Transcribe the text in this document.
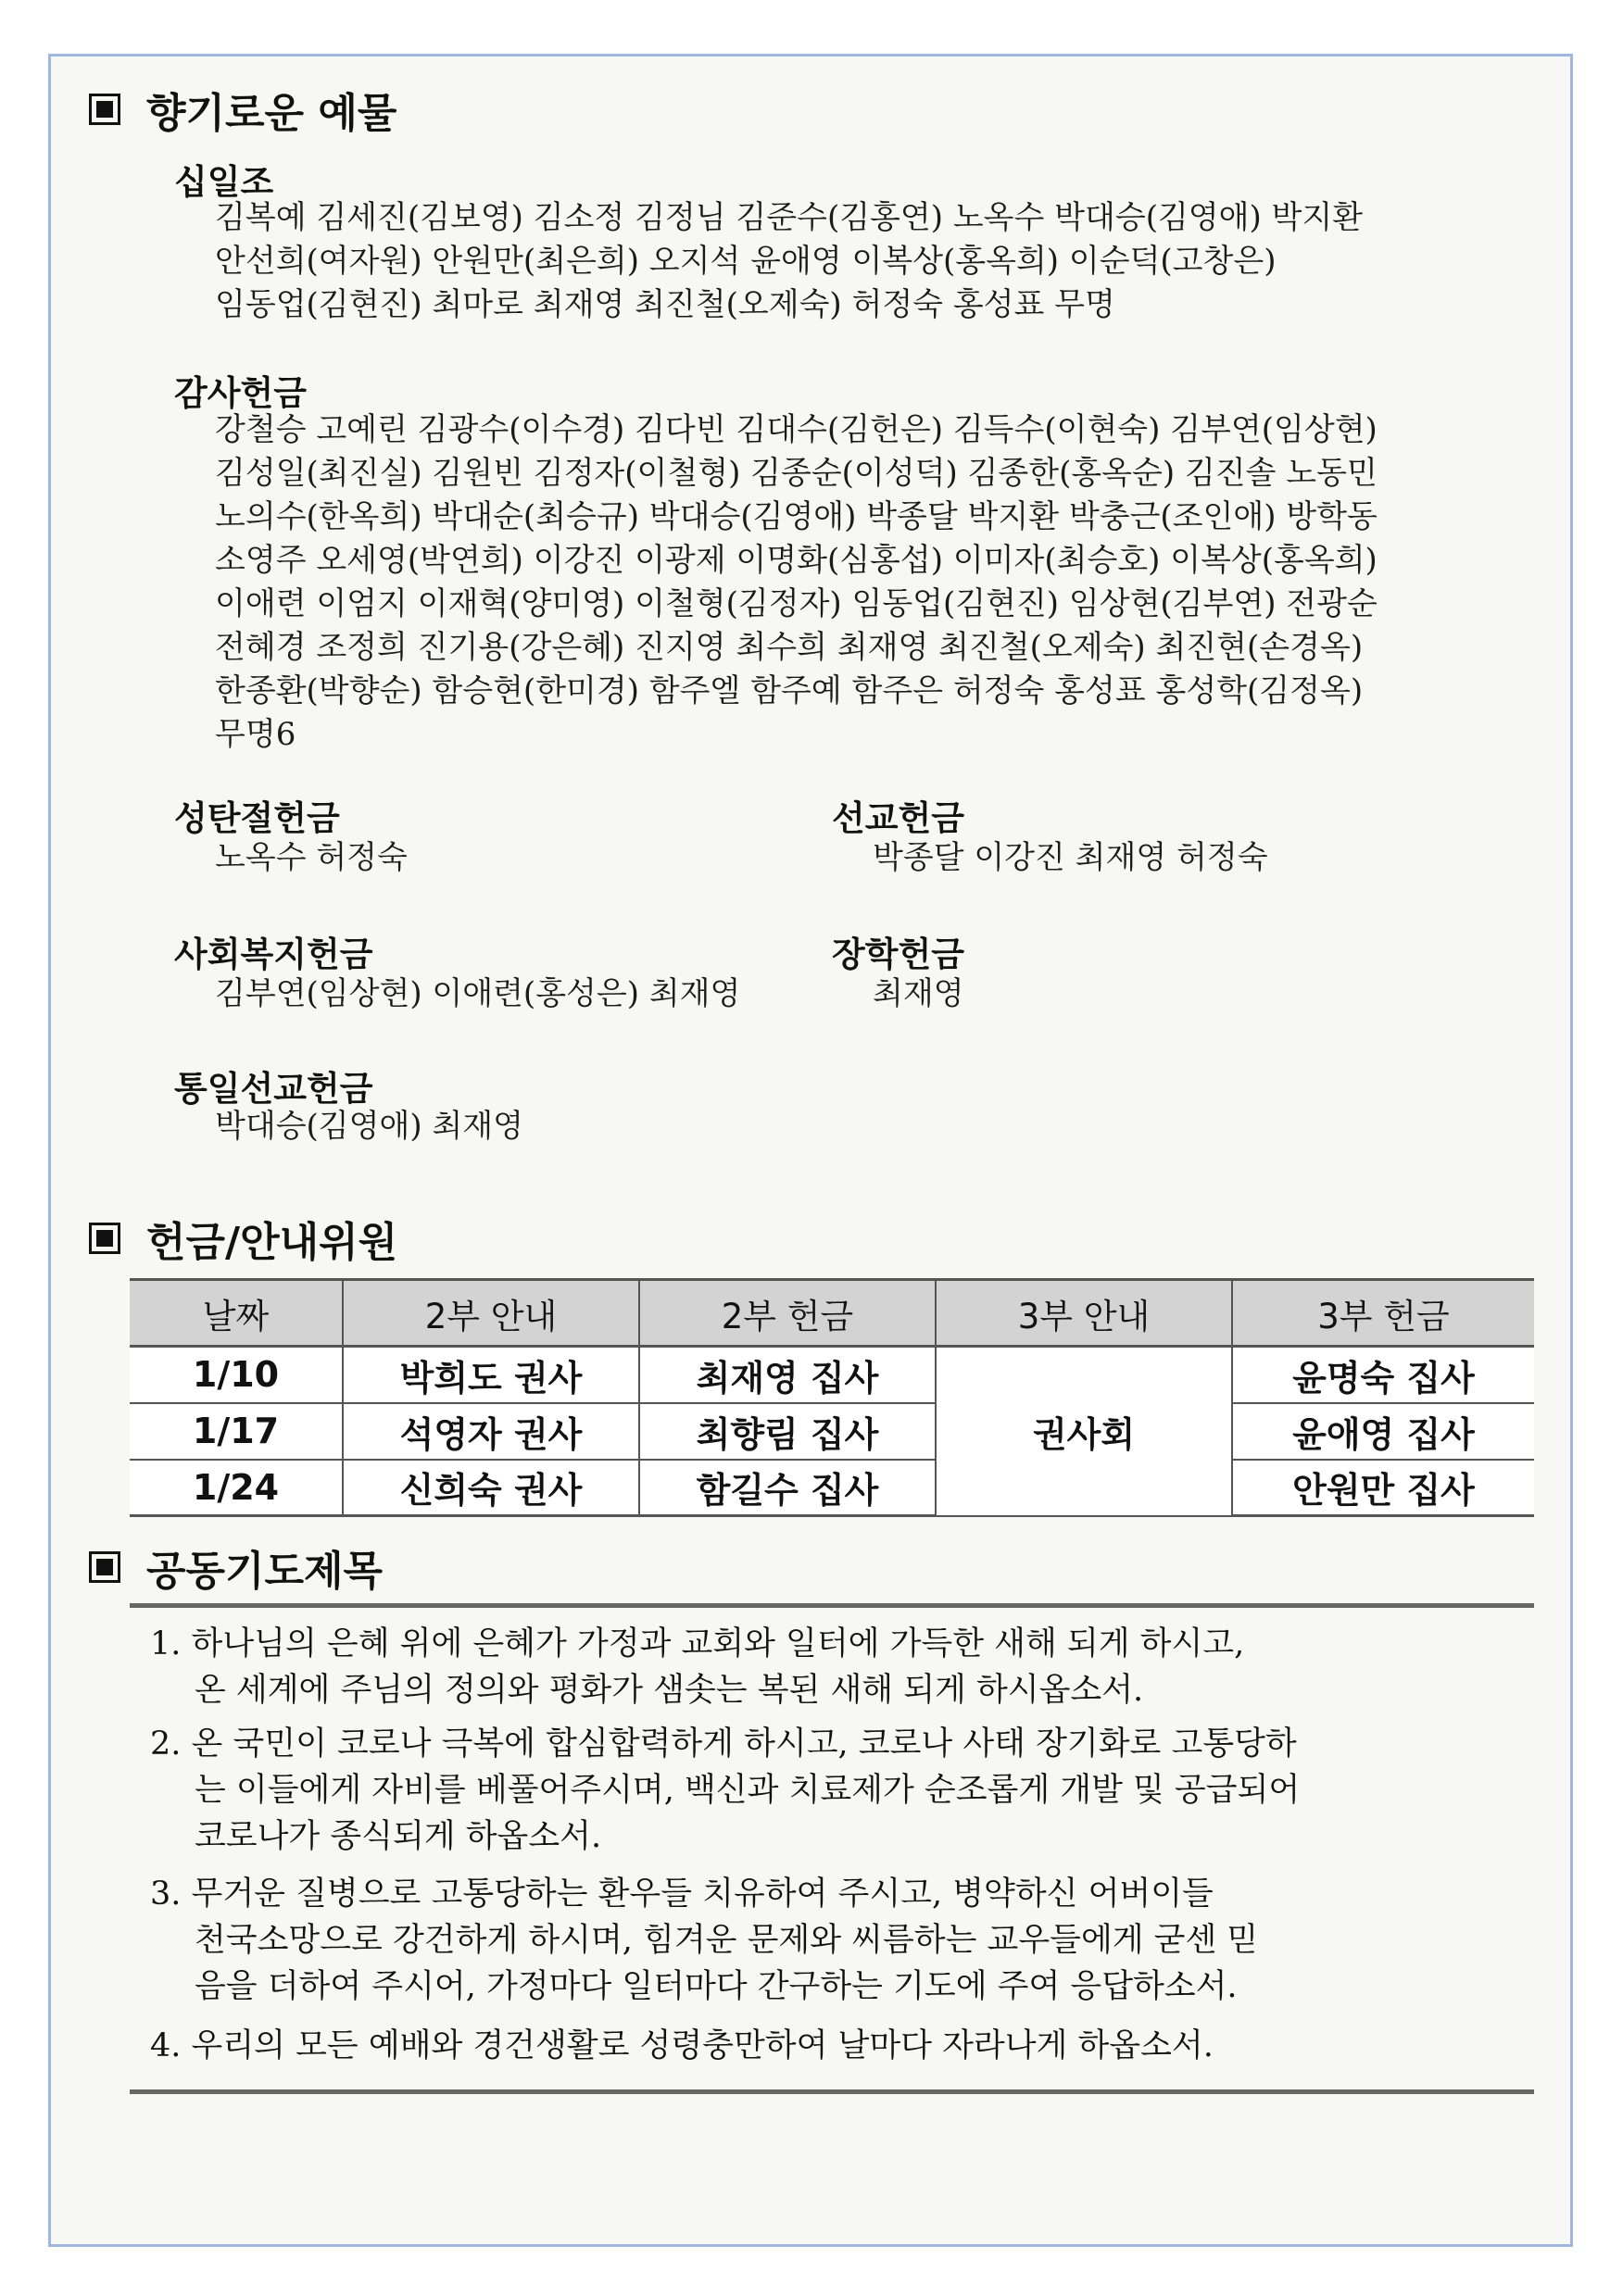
향기로운 예물
십일조
김복예 김세진(김보영) 김소정 김정님 김준수(김홍연) 노옥수 박대승(김영애) 박지환
안선희(여자원) 안원만(최은희) 오지석 윤애영 이복상(홍옥희) 이순덕(고창은)
임동업(김현진) 최마로 최재영 최진철(오제숙) 허정숙 홍성표 무명
감사헌금
강철승 고예린 김광수(이수경) 김다빈 김대수(김헌은) 김득수(이현숙) 김부연(임상현)
김성일(최진실) 김원빈 김정자(이철형) 김종순(이성덕) 김종한(홍옥순) 김진솔 노동민
노의수(한옥희) 박대순(최승규) 박대승(김영애) 박종달 박지환 박충근(조인애) 방학동
소영주 오세영(박연희) 이강진 이광제 이명화(심홍섭) 이미자(최승호) 이복상(홍옥희)
이애련 이엄지 이재혁(양미영) 이철형(김정자) 임동업(김현진) 임상현(김부연) 전광순
전혜경 조정희 진기용(강은혜) 진지영 최수희 최재영 최진철(오제숙) 최진현(손경옥)
한종환(박향순) 함승현(한미경) 함주엘 함주예 함주은 허정숙 홍성표 홍성학(김정옥)
무명6
성탄절헌금
노옥수 허정숙
선교헌금
박종달 이강진 최재영 허정숙
사회복지헌금
김부연(임상현) 이애련(홍성은) 최재영
장학헌금
최재영
통일선교헌금
박대승(김영애) 최재영
헌금/안내위원
날짜	2부 안내	2부 헌금	3부 안내	3부 헌금
1/10	박희도 권사	최재영 집사	권사회	윤명숙 집사
1/17	석영자 권사	최향림 집사		윤애영 집사
1/24	신희숙 권사	함길수 집사		안원만 집사
공동기도제목
1. 하나님의 은혜 위에 은혜가 가정과 교회와 일터에 가득한 새해 되게 하시고,
온 세계에 주님의 정의와 평화가 샘솟는 복된 새해 되게 하시옵소서.
2. 온 국민이 코로나 극복에 합심합력하게 하시고, 코로나 사태 장기화로 고통당하
는 이들에게 자비를 베풀어주시며, 백신과 치료제가 순조롭게 개발 및 공급되어
코로나가 종식되게 하옵소서.
3. 무거운 질병으로 고통당하는 환우들 치유하여 주시고, 병약하신 어버이들
천국소망으로 강건하게 하시며, 힘겨운 문제와 씨름하는 교우들에게 굳센 믿
음을 더하여 주시어, 가정마다 일터마다 간구하는 기도에 주여 응답하소서.
4. 우리의 모든 예배와 경건생활로 성령충만하여 날마다 자라나게 하옵소서.
